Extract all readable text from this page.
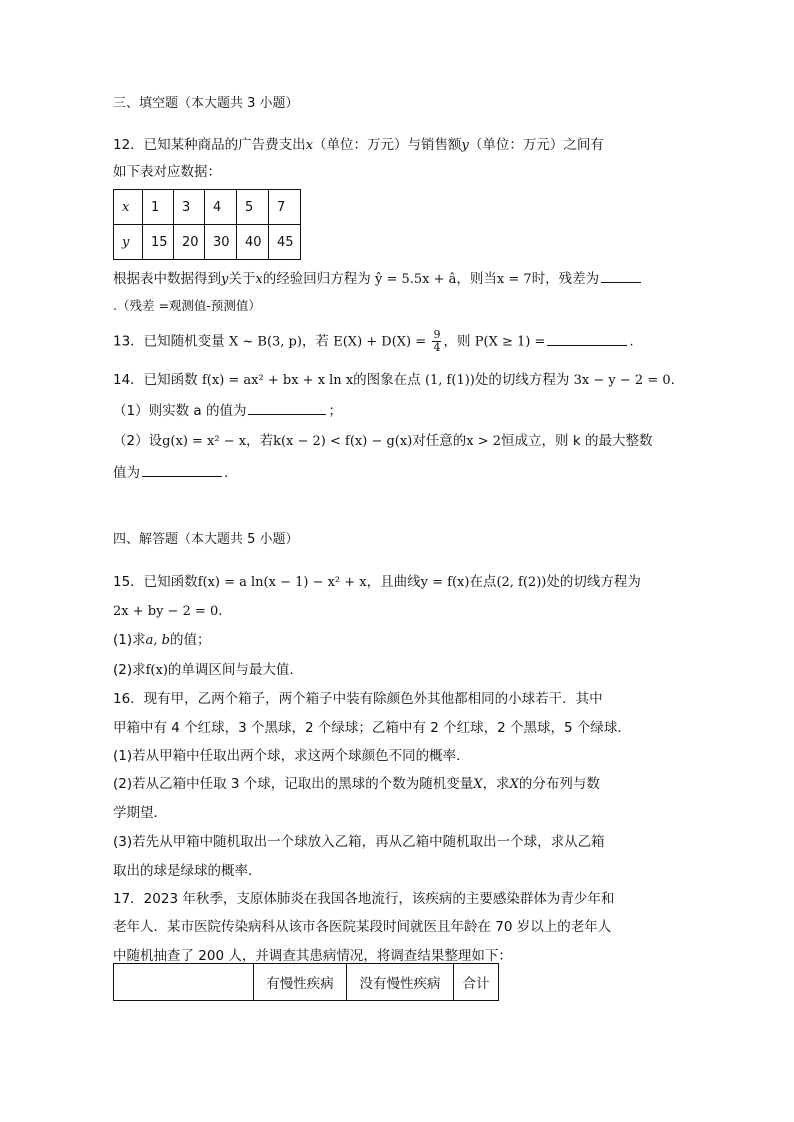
三、填空题（本大题共 3 小题）
12．已知某种商品的广告费支出x（单位：万元）与销售额y（单位：万元）之间有
如下表对应数据：
x	1	3	4	5	7
y	15	20	30	40	45
根据表中数据得到y关于x的经验回归方程为 ŷ = 5.5x + â，则当x = 7时，残差为
.（残差 =观测值-预测值）
13．已知随机变量 X ~ B(3, p)，若 $E(X) + D(X) = \frac{9}{4}$ ，则 P(X ≥ 1) =	.
14．已知函数 f(x) = ax² + bx + x ln x的图象在点 (1, f(1))处的切线方程为 3x − y − 2 = 0.
（1）则实数 a 的值为	；
（2）设g(x) = x² − x，若k(x − 2) < f(x) − g(x)对任意的x > 2恒成立，则 k 的最大整数
值为	.
四、解答题（本大题共 5 小题）
15．已知函数f(x) = a ln(x − 1) − x² + x，且曲线y = f(x)在点(2, f(2))处的切线方程为
2x + by − 2 = 0.
(1)求a, b的值；
(2)求f(x)的单调区间与最大值.
16．现有甲，乙两个箱子，两个箱子中装有除颜色外其他都相同的小球若干．其中
甲箱中有 4 个红球，3 个黑球，2 个绿球；乙箱中有 2 个红球，2 个黑球，5 个绿球．
(1)若从甲箱中任取出两个球，求这两个球颜色不同的概率．
(2)若从乙箱中任取 3 个球，记取出的黑球的个数为随机变量X，求X的分布列与数
学期望．
(3)若先从甲箱中随机取出一个球放入乙箱，再从乙箱中随机取出一个球，求从乙箱
取出的球是绿球的概率．
17．2023 年秋季，支原体肺炎在我国各地流行，该疾病的主要感染群体为青少年和
老年人．某市医院传染病科从该市各医院某段时间就医且年龄在 70 岁以上的老年人
中随机抽查了 200 人，并调查其患病情况，将调查结果整理如下：
	有慢性疾病	没有慢性疾病	合计
